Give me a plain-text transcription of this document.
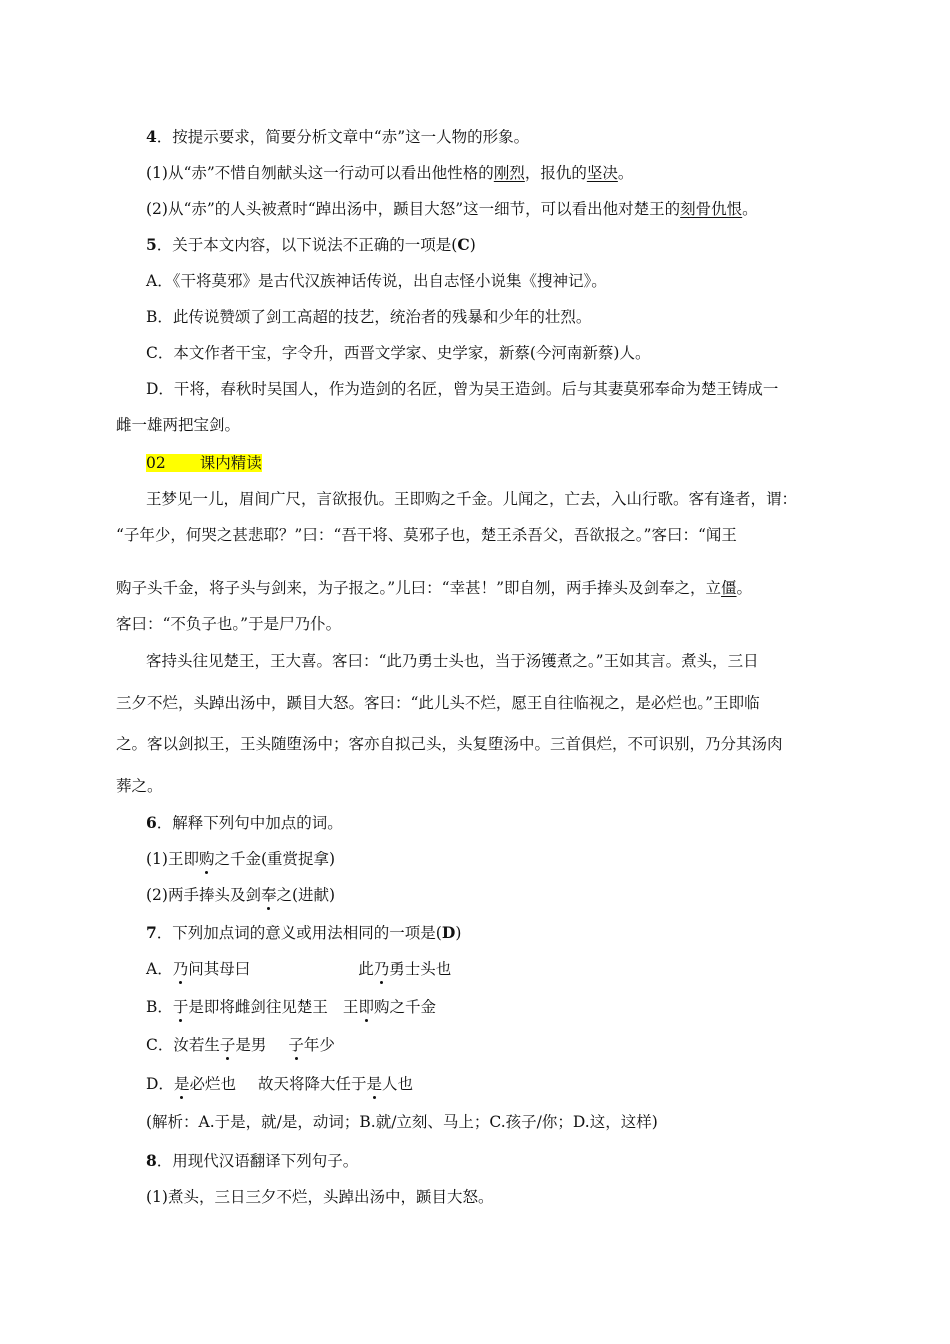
4．按提示要求，简要分析文章中“赤”这一人物的形象。
(1)从“赤”不惜自刎献头这一行动可以看出他性格的刚烈，报仇的坚决。
(2)从“赤”的人头被煮时“踔出汤中，踬目大怒”这一细节，可以看出他对楚王的刻骨仇恨。
5．关于本文内容，以下说法不正确的一项是(C)
A．《干将莫邪》是古代汉族神话传说，出自志怪小说集《搜神记》。
B．此传说赞颂了剑工高超的技艺，统治者的残暴和少年的壮烈。
C．本文作者干宝，字令升，西晋文学家、史学家，新蔡(今河南新蔡)人。
D．干将，春秋时吴国人，作为造剑的名匠，曾为吴王造剑。后与其妻莫邪奉命为楚王铸成一
雌一雄两把宝剑。
02 课内精读
王梦见一儿，眉间广尺，言欲报仇。王即购之千金。儿闻之，亡去，入山行歌。客有逢者，谓：
“子年少，何哭之甚悲耶？”曰：“吾干将、莫邪子也，楚王杀吾父，吾欲报之。”客曰：“闻王
购子头千金，将子头与剑来，为子报之。”儿曰：“幸甚！”即自刎，两手捧头及剑奉之，立僵。
客曰：“不负子也。”于是尸乃仆。
客持头往见楚王，王大喜。客曰：“此乃勇士头也，当于汤镬煮之。”王如其言。煮头，三日
三夕不烂，头踔出汤中，踬目大怒。客曰：“此儿头不烂，愿王自往临视之，是必烂也。”王即临
之。客以剑拟王，王头随堕汤中；客亦自拟己头，头复堕汤中。三首俱烂，不可识别，乃分其汤肉
葬之。
6．解释下列句中加点的词。
(1)王即购之千金(重赏捉拿)
(2)两手捧头及剑奉之(进献)
7．下列加点词的意义或用法相同的一项是(D)
A．乃问其母曰	此乃勇士头也
B．于是即将雌剑往见楚王 王即购之千金
C．汝若生子是男 子年少
D．是必烂也 故天将降大任于是人也
(解析：A.于是，就/是，动词；B.就/立刻、马上；C.孩子/你；D.这，这样)
8．用现代汉语翻译下列句子。
(1)煮头，三日三夕不烂，头踔出汤中，踬目大怒。
